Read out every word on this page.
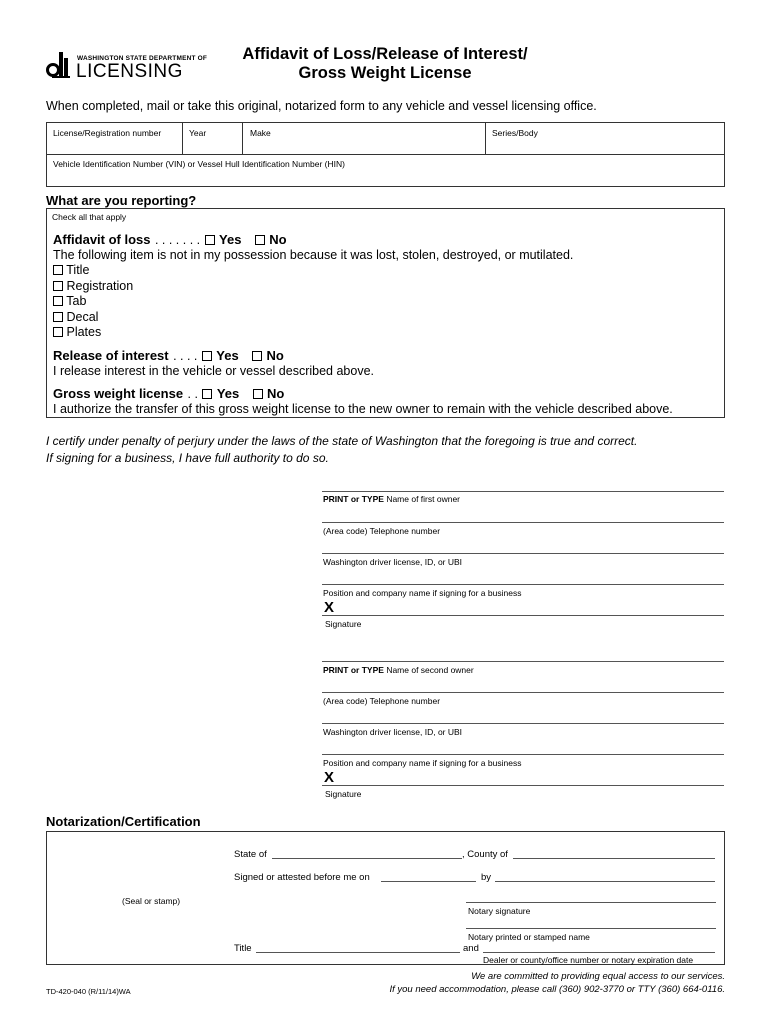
WASHINGTON STATE DEPARTMENT OF
LICENSING
Affidavit of Loss/Release of Interest/
Gross Weight License
When completed, mail or take this original, notarized form to any vehicle and vessel licensing office.
License/Registration number	Year	Make	Series/Body
Vehicle Identification Number (VIN) or Vessel Hull Identification Number (HIN)
What are you reporting?
Check all that apply
Affidavit of loss . . . . . . . Yes No
The following item is not in my possession because it was lost, stolen, destroyed, or mutilated.
Title
Registration
Tab
Decal
Plates
Release of interest . . . . Yes No
I release interest in the vehicle or vessel described above.
Gross weight license . . Yes No
I authorize the transfer of this gross weight license to the new owner to remain with the vehicle described above.
I certify under penalty of perjury under the laws of the state of Washington that the foregoing is true and correct.
If signing for a business, I have full authority to do so.
PRINT or TYPE Name of first owner
(Area code) Telephone number
Washington driver license, ID, or UBI
Position and company name if signing for a business
X
Signature
PRINT or TYPE Name of second owner
(Area code) Telephone number
Washington driver license, ID, or UBI
Position and company name if signing for a business
X
Signature
Notarization/Certification
State of	, County of
Signed or attested before me on	by
(Seal or stamp)
Notary signature
Notary printed or stamped name
Title	and
Dealer or county/office number or notary expiration date
TD-420-040 (R/11/14)WA
We are committed to providing equal access to our services.
If you need accommodation, please call (360) 902-3770 or TTY (360) 664-0116.
